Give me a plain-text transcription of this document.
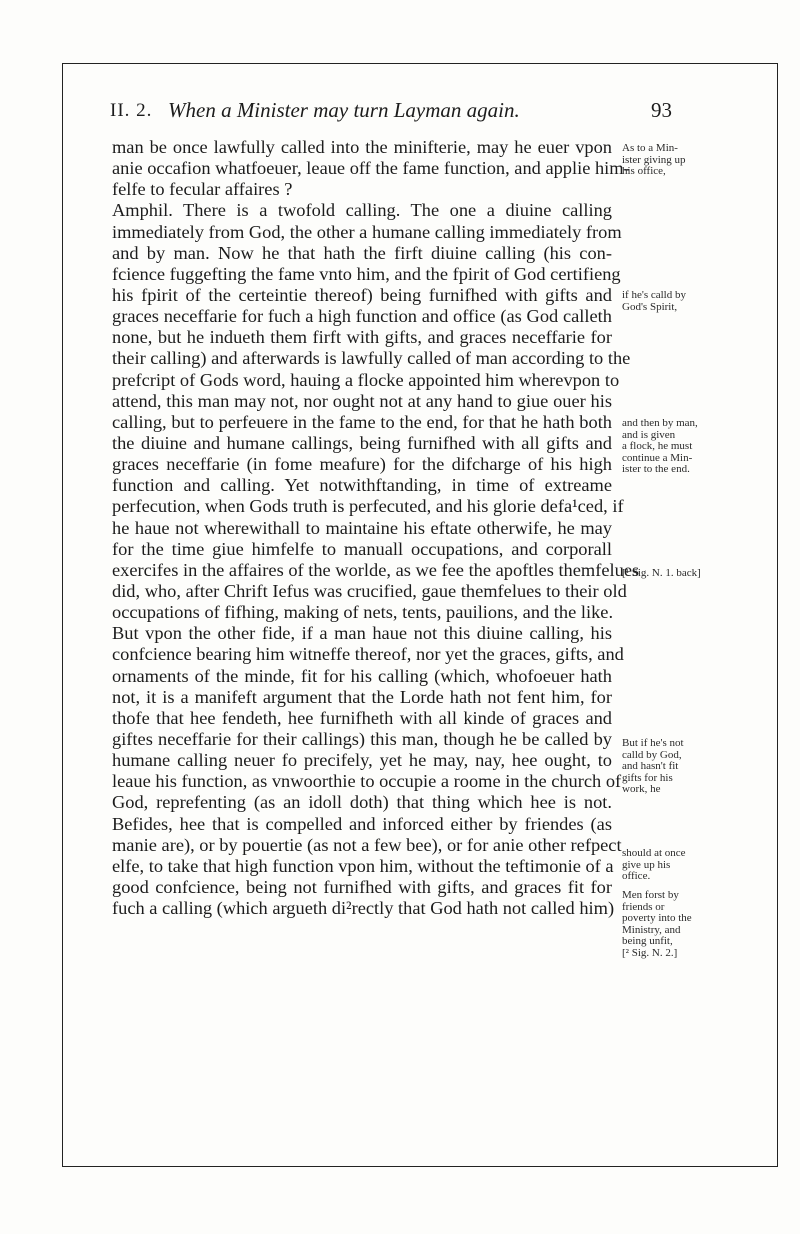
II. 2. When a Minister may turn Layman again.	93
man be once lawfully called into the minifterie, may he euer vpon
anie occafion whatfoeuer, leaue off the fame function, and applie him-
felfe to fecular affaires ?
Amphil. There is a twofold calling. The one a diuine calling
immediately from God, the other a humane calling immediately from
and by man. Now he that hath the firft diuine calling (his con-
fcience fuggefting the fame vnto him, and the fpirit of God certifieng
his fpirit of the certeintie thereof) being furnifhed with gifts and
graces neceffarie for fuch a high function and office (as God calleth
none, but he indueth them firft with gifts, and graces neceffarie for
their calling) and afterwards is lawfully called of man according to the
prefcript of Gods word, hauing a flocke appointed him wherevpon to
attend, this man may not, nor ought not at any hand to giue ouer his
calling, but to perfeuere in the fame to the end, for that he hath both
the diuine and humane callings, being furnifhed with all gifts and
graces neceffarie (in fome meafure) for the difcharge of his high
function and calling. Yet notwithftanding, in time of extreame
perfecution, when Gods truth is perfecuted, and his glorie defa¹ced, if
he haue not wherewithall to maintaine his eftate otherwife, he may
for the time giue himfelfe to manuall occupations, and corporall
exercifes in the affaires of the worlde, as we fee the apoftles themfelues
did, who, after Chrift Iefus was crucified, gaue themfelues to their old
occupations of fifhing, making of nets, tents, pauilions, and the like.
But vpon the other fide, if a man haue not this diuine calling, his
confcience bearing him witneffe thereof, nor yet the graces, gifts, and
ornaments of the minde, fit for his calling (which, whofoeuer hath
not, it is a manifeft argument that the Lorde hath not fent him, for
thofe that hee fendeth, hee furnifheth with all kinde of graces and
giftes neceffarie for their callings) this man, though he be called by
humane calling neuer fo precifely, yet he may, nay, hee ought, to
leaue his function, as vnwoorthie to occupie a roome in the church of
God, reprefenting (as an idoll doth) that thing which hee is not.
Befides, hee that is compelled and inforced either by friendes (as
manie are), or by pouertie (as not a few bee), or for anie other refpect
elfe, to take that high function vpon him, without the teftimonie of a
good confcience, being not furnifhed with gifts, and graces fit for
fuch a calling (which argueth di²rectly that God hath not called him)
As to a Min-
ister giving up
his office,
if he's calld by
God's Spirit,
and then by man,
and is given
a flock, he must
continue a Min-
ister to the end.
[¹ Sig. N. 1. back]
But if he's not
calld by God,
and hasn't fit
gifts for his
work, he
should at once
give up his
office.
Men forst by
friends or
poverty into the
Ministry, and
being unfit,
[² Sig. N. 2.]
